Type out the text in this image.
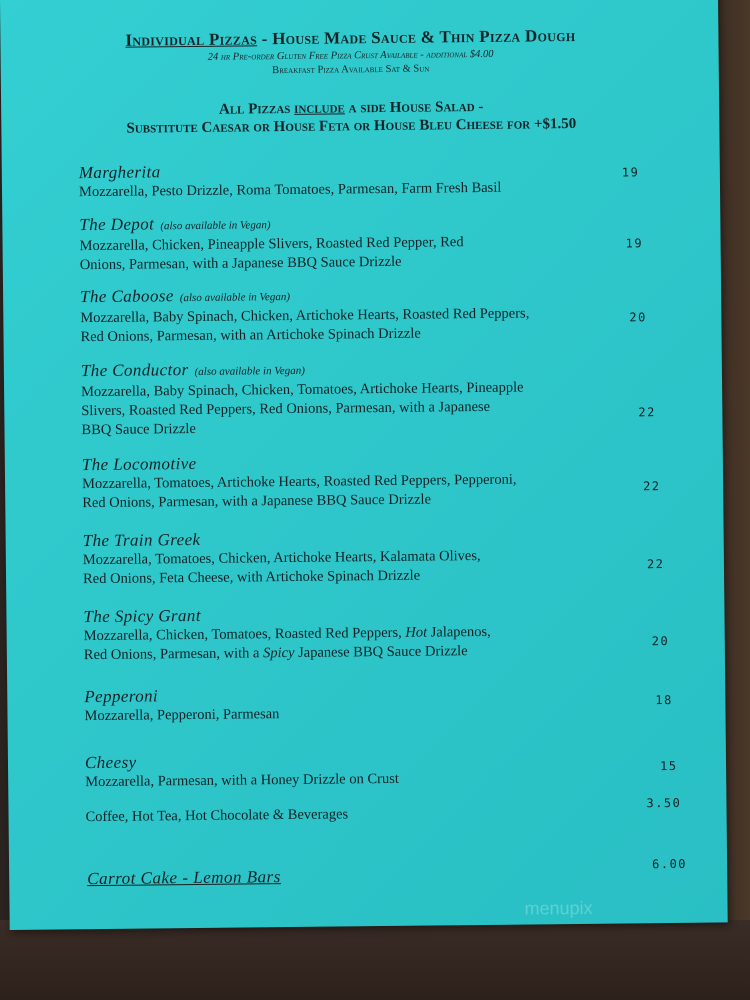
Individual Pizzas - House Made Sauce & Thin Pizza Dough
24 hr Pre-order Gluten Free Pizza Crust Available - additional $4.00
Breakfast Pizza Available Sat & Sun
All Pizzas include a side House Salad -
Substitute Caesar or House Feta or House Bleu Cheese for +$1.50
Margherita
Mozzarella, Pesto Drizzle, Roma Tomatoes, Parmesan, Farm Fresh Basil
19
The Depot (also available in Vegan)
Mozzarella, Chicken, Pineapple Slivers, Roasted Red Pepper, Red
Onions, Parmesan, with a Japanese BBQ Sauce Drizzle
19
The Caboose (also available in Vegan)
Mozzarella, Baby Spinach, Chicken, Artichoke Hearts, Roasted Red Peppers,
Red Onions, Parmesan, with an Artichoke Spinach Drizzle
20
The Conductor (also available in Vegan)
Mozzarella, Baby Spinach, Chicken, Tomatoes, Artichoke Hearts, Pineapple
Slivers, Roasted Red Peppers, Red Onions, Parmesan, with a Japanese
BBQ Sauce Drizzle
22
The Locomotive
Mozzarella, Tomatoes, Artichoke Hearts, Roasted Red Peppers, Pepperoni,
Red Onions, Parmesan, with a Japanese BBQ Sauce Drizzle
22
The Train Greek
Mozzarella, Tomatoes, Chicken, Artichoke Hearts, Kalamata Olives,
Red Onions, Feta Cheese, with Artichoke Spinach Drizzle
22
The Spicy Grant
Mozzarella, Chicken, Tomatoes, Roasted Red Peppers, Hot Jalapenos,
Red Onions, Parmesan, with a Spicy Japanese BBQ Sauce Drizzle
20
Pepperoni
Mozzarella, Pepperoni, Parmesan
18
Cheesy
Mozzarella, Parmesan, with a Honey Drizzle on Crust
15
Coffee, Hot Tea, Hot Chocolate & Beverages
3.50
Carrot Cake - Lemon Bars
6.00
menupix
